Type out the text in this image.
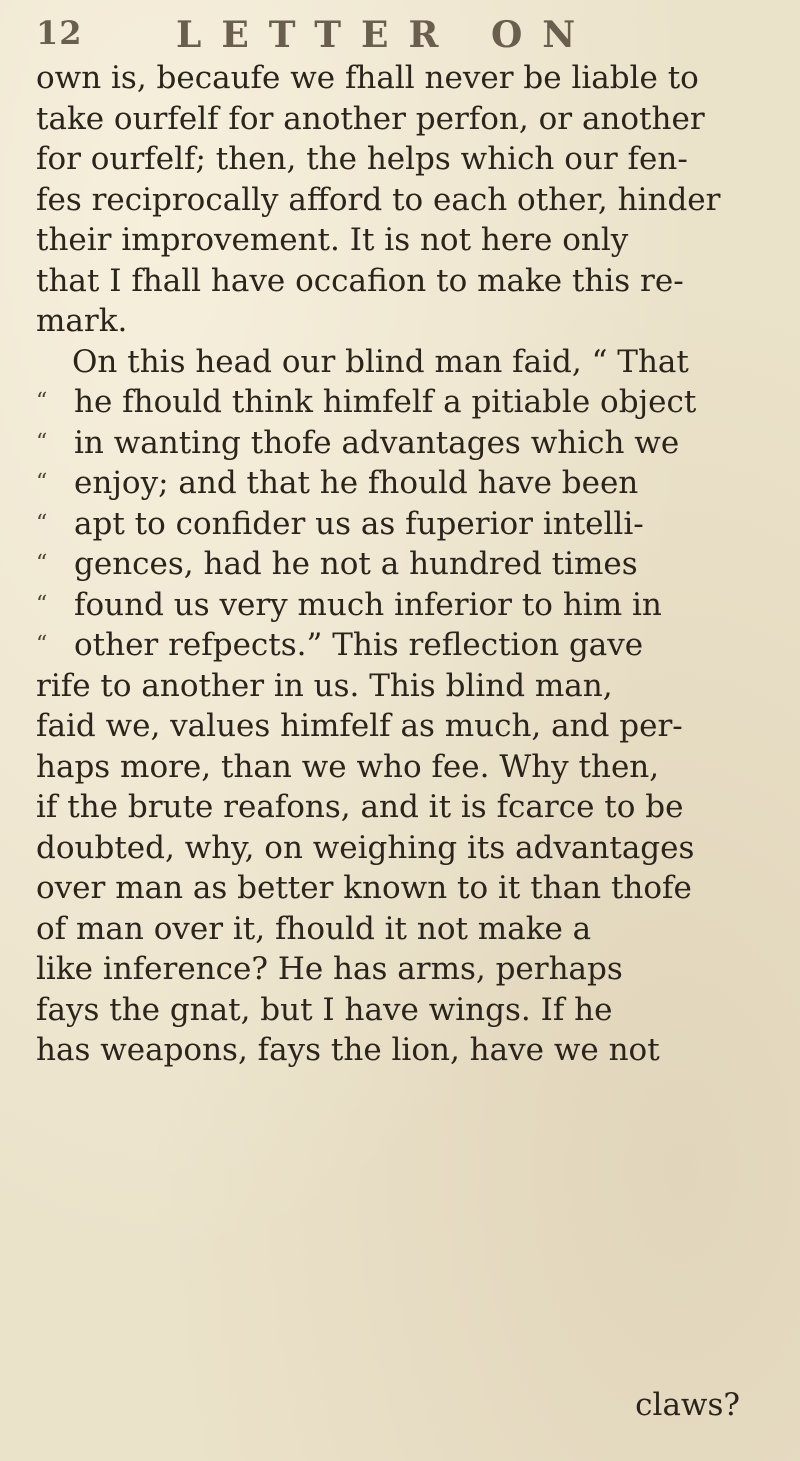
12	LETTER ON
own is, becaufe we fhall never be liable to
take ourfelf for another perfon, or another
for ourfelf; then, the helps which our fen-
fes reciprocally afford to each other, hinder
their improvement. It is not here only
that I fhall have occafion to make this re-
mark.
On this head our blind man faid, “ That
“ he fhould think himfelf a pitiable object
“ in wanting thofe advantages which we
“ enjoy; and that he fhould have been
“ apt to confider us as fuperior intelli-
“ gences, had he not a hundred times
“ found us very much inferior to him in
“ other refpects.” This reflection gave
rife to another in us. This blind man,
faid we, values himfelf as much, and per-
haps more, than we who fee. Why then,
if the brute reafons, and it is fcarce to be
doubted, why, on weighing its advantages
over man as better known to it than thofe
of man over it, fhould it not make a
like inference? He has arms, perhaps
fays the gnat, but I have wings. If he
has weapons, fays the lion, have we not
claws?
